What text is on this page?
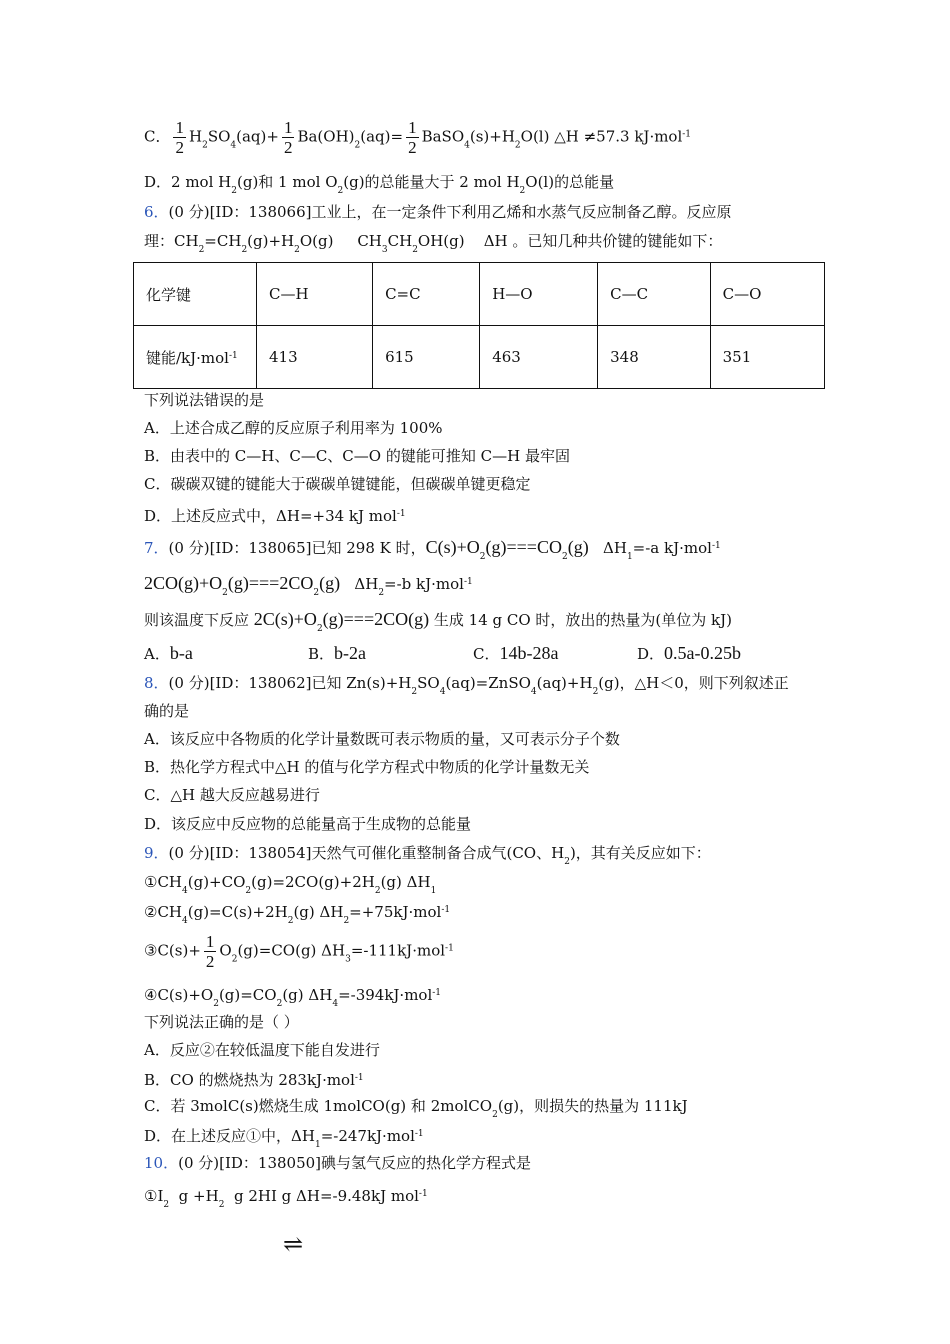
C． $\frac{1}{2} H_2SO_4(aq)+ \frac{1}{2} Ba(OH)_2(aq)= \frac{1}{2}$ $BaSO_4(s)+H_2O(l)$ △H ≠57.3 kJ·mol$^{-1}$
D．2 mol $H_2(g)$和 1 mol $O_2(g)$的总能量大于 2 mol $H_2O(l)$的总能量
6．(0 分)[ID：138066]工业上，在一定条件下利用乙烯和水蒸气反应制备乙醇。反应原
理：$CH_2=CH_2(g)+H_2O(g)$ $CH_3CH_2OH(g)$ ΔH 。已知几种共价键的键能如下：
化学键	C—H	C=C	H—O	C—C	C—O
键能/kJ·mol$^{-1}$	413	615	463	348	351
下列说法错误的是
A．上述合成乙醇的反应原子利用率为 100%
B．由表中的 C—H、C—C、C—O 的键能可推知 C—H 最牢固
C．碳碳双键的键能大于碳碳单键键能，但碳碳单键更稳定
D．上述反应式中，ΔH=+34 kJ mol$^{-1}$
7．(0 分)[ID：138065]已知 298 K 时，$C(s)+O_2(g)===CO_2(g)$ $\Delta H_1=-a$ kJ·mol$^{-1}$
$2CO(g)+O_2(g)===2CO_2(g)$ $\Delta H_2=-b$ kJ·mol$^{-1}$
则该温度下反应 $2C(s)+O_2(g)===2CO(g)$ 生成 14 g CO 时，放出的热量为(单位为 kJ)
A．b-a	B．b-2a	C．14b-28a	D．0.5a-0.25b
8．(0 分)[ID：138062]已知 $Zn(s)+H_2SO_4(aq)=ZnSO_4(aq)+H_2(g)$，△H＜0，则下列叙述正
确的是
A．该反应中各物质的化学计量数既可表示物质的量，又可表示分子个数
B．热化学方程式中△H 的值与化学方程式中物质的化学计量数无关
C．△H 越大反应越易进行
D．该反应中反应物的总能量高于生成物的总能量
9．(0 分)[ID：138054]天然气可催化重整制备合成气(CO、$H_2$)，其有关反应如下：
$①CH_4(g)+CO_2(g)=2CO(g)+2H_2(g)$ $\Delta H_1$
$②CH_4(g)=C(s)+2H_2(g)$ $\Delta H_2=+75kJ\cdot mol^{-1}$
③C(s)+ $\frac{1}{2} O_2(g)=CO(g)$ $\Delta H_3=-111kJ\cdot mol^{-1}$
$④C(s)+O_2(g)=CO_2(g)$ $\Delta H_4=-394kJ\cdot mol^{-1}$
下列说法正确的是（ ）
A．反应②在较低温度下能自发进行
B．CO 的燃烧热为 283kJ·mol$^{-1}$
C．若 3molC(s)燃烧生成 1molCO(g) 和 2molCO$_2$(g)，则损失的热量为 111kJ
D．在上述反应①中，$\Delta H_1=-247kJ\cdot mol^{-1}$
10．(0 分)[ID：138050]碘与氢气反应的热化学方程式是
$①I_2$ $g +H_2$ g 2HI g ΔH=-9.48kJ mol$^{-1}$
⇌
